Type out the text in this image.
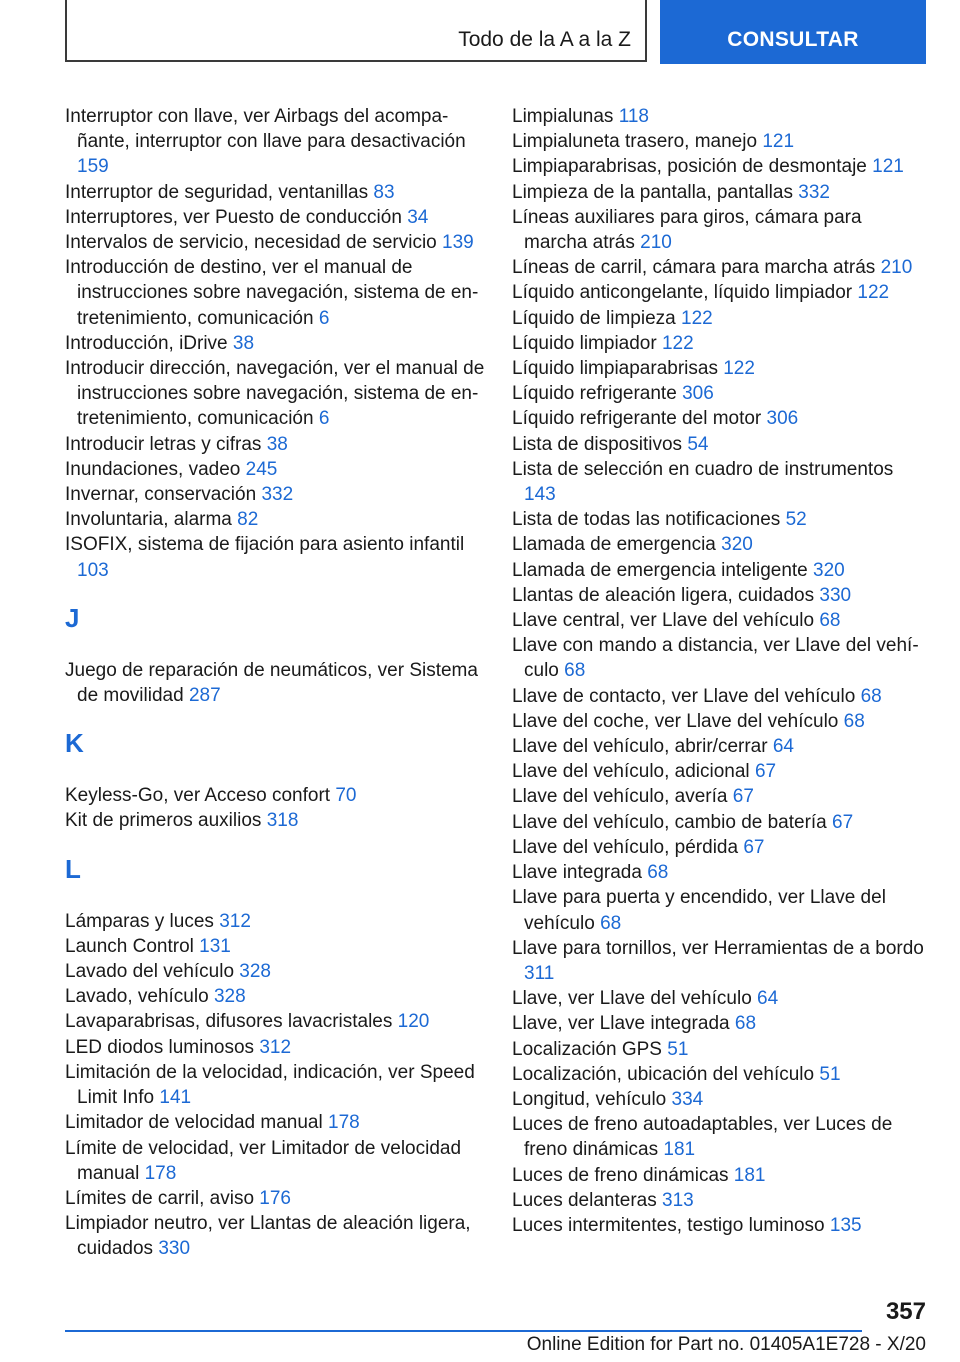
Todo de la A a la Z	CONSULTAR
Interruptor con llave, ver Airbags del acompañante, interruptor con llave para desactivación 159
Interruptor de seguridad, ventanillas 83
Interruptores, ver Puesto de conducción 34
Intervalos de servicio, necesidad de servicio 139
Introducción de destino, ver el manual de instrucciones sobre navegación, sistema de entretenimiento, comunicación 6
Introducción, iDrive 38
Introducir dirección, navegación, ver el manual de instrucciones sobre navegación, sistema de entretenimiento, comunicación 6
Introducir letras y cifras 38
Inundaciones, vadeo 245
Invernar, conservación 332
Involuntaria, alarma 82
ISOFIX, sistema de fijación para asiento infantil 103
J
Juego de reparación de neumáticos, ver Sistema de movilidad 287
K
Keyless-Go, ver Acceso confort 70
Kit de primeros auxilios 318
L
Lámparas y luces 312
Launch Control 131
Lavado del vehículo 328
Lavado, vehículo 328
Lavaparabrisas, difusores lavacristales 120
LED diodos luminosos 312
Limitación de la velocidad, indicación, ver Speed Limit Info 141
Limitador de velocidad manual 178
Límite de velocidad, ver Limitador de velocidad manual 178
Límites de carril, aviso 176
Limpiador neutro, ver Llantas de aleación ligera, cuidados 330
Limpialunas 118
Limpialuneta trasero, manejo 121
Limpiaparabrisas, posición de desmontaje 121
Limpieza de la pantalla, pantallas 332
Líneas auxiliares para giros, cámara para marcha atrás 210
Líneas de carril, cámara para marcha atrás 210
Líquido anticongelante, líquido limpiador 122
Líquido de limpieza 122
Líquido limpiador 122
Líquido limpiaparabrisas 122
Líquido refrigerante 306
Líquido refrigerante del motor 306
Lista de dispositivos 54
Lista de selección en cuadro de instrumentos 143
Lista de todas las notificaciones 52
Llamada de emergencia 320
Llamada de emergencia inteligente 320
Llantas de aleación ligera, cuidados 330
Llave central, ver Llave del vehículo 68
Llave con mando a distancia, ver Llave del vehículo 68
Llave de contacto, ver Llave del vehículo 68
Llave del coche, ver Llave del vehículo 68
Llave del vehículo, abrir/cerrar 64
Llave del vehículo, adicional 67
Llave del vehículo, avería 67
Llave del vehículo, cambio de batería 67
Llave del vehículo, pérdida 67
Llave integrada 68
Llave para puerta y encendido, ver Llave del vehículo 68
Llave para tornillos, ver Herramientas de a bordo 311
Llave, ver Llave del vehículo 64
Llave, ver Llave integrada 68
Localización GPS 51
Localización, ubicación del vehículo 51
Longitud, vehículo 334
Luces de freno autoadaptables, ver Luces de freno dinámicas 181
Luces de freno dinámicas 181
Luces delanteras 313
Luces intermitentes, testigo luminoso 135
357
Online Edition for Part no. 01405A1E728 - X/20
